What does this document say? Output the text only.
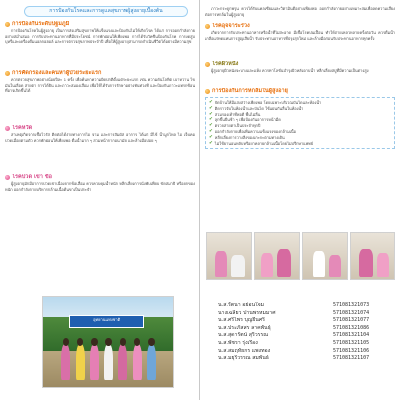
การป้องกันโรคและการดูแลสุขภาพผู้สูงอายุเบื้องต้น
การป้องกันระดับปฐมภูมิ

การป้องกันโรคในผู้สูงอายุ เป็นการส่งเสริมสุขภาพให้แข็งแรงและป้องกันไม่ให้เกิดโรค ได้แก่ การออกกำลังกายอย่างสม่ำเสมอ การรับประทานอาหารที่มีประโยชน์ การพักผ่อนให้เพียงพอ การได้รับวัคซีนป้องกันโรค การงดสูบบุหรี่และเครื่องดื่มแอลกอฮอล์ และการตรวจสุขภาพประจำปี เพื่อให้ผู้สูงอายุสามารถดำเนินชีวิตได้อย่างมีความสุข

การคัดกรองและคนหาผู้ป่วยระยะแรก

ควรตรวจสุขภาพอย่างน้อยปีละ 1 ครั้ง เพื่อค้นหาความผิดปกติตั้งแต่ระยะแรก เช่น ความดันโลหิต เบาหวาน ไขมันในเลือด สายตา การได้ยิน และภาวะสมองเสื่อม เพื่อให้ได้รับการรักษาอย่างทันท่วงที และป้องกันภาวะแทรกซ้อนที่อาจเกิดขึ้นได้

โรคหวัด

สาเหตุเกิดจากเชื้อไวรัส ติดต่อได้ง่ายทางการไอ จาม และการสัมผัส อาการ ได้แก่ มีไข้ น้ำมูกไหล ไอ เจ็บคอ ปวดเมื่อยตามตัว ควรพักผ่อนให้เพียงพอ ดื่มน้ำมาก ๆ สวมหน้ากากอนามัย และล้างมือบ่อย ๆ

โรคปวด เข่า ข้อ

ผู้สูงอายุมักมีอาการปวดเข่าเนื่องจากข้อเสื่อม ควรควบคุมน้ำหนัก หลีกเลี่ยงการนั่งพับเพียบ ขัดสมาธิ หรือยกของหนัก ออกกำลังกายบริหารกล้ามเนื้อต้นขาเป็นประจำ

อุทยานแห่งชาติ

ภาวะกระดูกพรุน ควรได้รับแคลเซียมและวิตามินดีอย่างเพียงพอ ออกกำลังกายอย่างเหมาะสมเพื่อลดความเสี่ยงต่อการหกล้มในผู้สูงอายุ

โรคอุจจาระร่วง

เกิดจากการรับประทานอาหารหรือน้ำที่ไม่สะอาด มีเชื้อโรคปนเปื้อน ทำให้ถ่ายเหลวหลายครั้งต่อวัน ควรดื่มน้ำเกลือแร่ทดแทนการสูญเสียน้ำ รับประทานอาหารที่ปรุงสุกใหม่ และล้างมือก่อนรับประทานอาหารทุกครั้ง

โรคผิวหนัง

ผู้สูงอายุผิวหนังจะบางและแห้ง ควรทาโลชั่นบำรุงผิวหลังอาบน้ำ หลีกเลี่ยงสบู่ที่มีความเป็นด่างสูง

การป้องกันการหกล้มในผู้สูงอายุ
✔ จัดบ้านให้มีแสงสว่างเพียงพอ โดยเฉพาะบริเวณบันไดและห้องน้ำ
✔ ติดราวจับในห้องน้ำและบันได ใช้แผ่นกันลื่นในห้องน้ำ
✔ สวมรองเท้าที่พอดี พื้นไม่ลื่น
✔ ลุกขึ้นยืนช้า ๆ เพื่อป้องกันอาการหน้ามืด
✔ ตรวจสายตาเป็นประจำทุกปี
✔ ออกกำลังกายเพื่อเพิ่มความแข็งแรงของกล้ามเนื้อ
✔ หลีกเลี่ยงการวางสิ่งของเกะกะตามทางเดิน
✔ ไม่ใช้ยานอนหลับหรือยาคลายกล้ามเนื้อโดยไม่ปรึกษาแพทย์
น.ส.รัตนา อย่อนใจม	571081321073
นางเฉลียว ปานพรหมมาศ	571081321074
น.ส.ศรีไพร บุญยืนศรี	571081321077
น.ส.ประภัสสร ลาคพันธุ์	571081321086
น.ส.สุดารัตน์ สุริวรรณ	571081321104
น.ส.พัชรา รุ่งเรือง	571081321105
น.ส.สมฤทัยกร แพงทอง	571081321106
น.ส.มยุรีวรรณ สมพันธ์	571081321107
